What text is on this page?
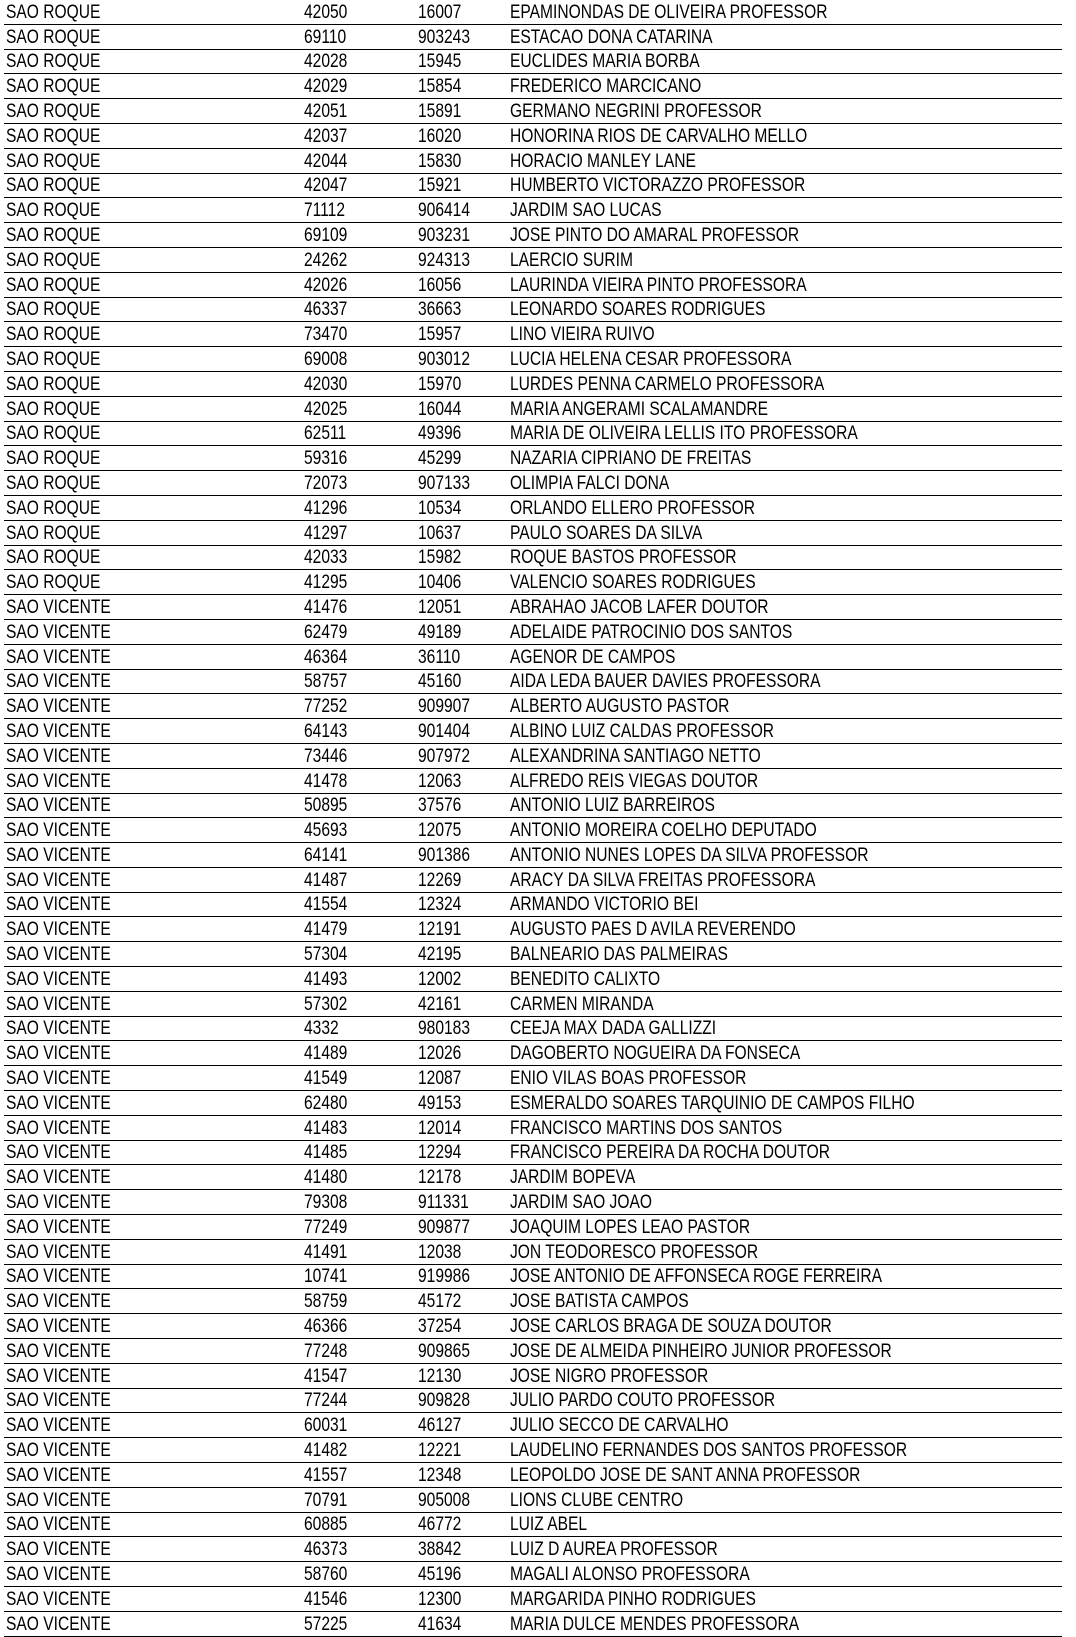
SAO ROQUE	42050	16007	EPAMINONDAS DE OLIVEIRA PROFESSOR
SAO ROQUE	69110	903243	ESTACAO DONA CATARINA
SAO ROQUE	42028	15945	EUCLIDES MARIA BORBA
SAO ROQUE	42029	15854	FREDERICO MARCICANO
SAO ROQUE	42051	15891	GERMANO NEGRINI PROFESSOR
SAO ROQUE	42037	16020	HONORINA RIOS DE CARVALHO MELLO
SAO ROQUE	42044	15830	HORACIO MANLEY LANE
SAO ROQUE	42047	15921	HUMBERTO VICTORAZZO PROFESSOR
SAO ROQUE	71112	906414	JARDIM SAO LUCAS
SAO ROQUE	69109	903231	JOSE PINTO DO AMARAL PROFESSOR
SAO ROQUE	24262	924313	LAERCIO SURIM
SAO ROQUE	42026	16056	LAURINDA VIEIRA PINTO PROFESSORA
SAO ROQUE	46337	36663	LEONARDO SOARES RODRIGUES
SAO ROQUE	73470	15957	LINO VIEIRA RUIVO
SAO ROQUE	69008	903012	LUCIA HELENA CESAR PROFESSORA
SAO ROQUE	42030	15970	LURDES PENNA CARMELO PROFESSORA
SAO ROQUE	42025	16044	MARIA ANGERAMI SCALAMANDRE
SAO ROQUE	62511	49396	MARIA DE OLIVEIRA LELLIS ITO PROFESSORA
SAO ROQUE	59316	45299	NAZARIA CIPRIANO DE FREITAS
SAO ROQUE	72073	907133	OLIMPIA FALCI DONA
SAO ROQUE	41296	10534	ORLANDO ELLERO PROFESSOR
SAO ROQUE	41297	10637	PAULO SOARES DA SILVA
SAO ROQUE	42033	15982	ROQUE BASTOS PROFESSOR
SAO ROQUE	41295	10406	VALENCIO SOARES RODRIGUES
SAO VICENTE	41476	12051	ABRAHAO JACOB LAFER DOUTOR
SAO VICENTE	62479	49189	ADELAIDE PATROCINIO DOS SANTOS
SAO VICENTE	46364	36110	AGENOR DE CAMPOS
SAO VICENTE	58757	45160	AIDA LEDA BAUER DAVIES PROFESSORA
SAO VICENTE	77252	909907	ALBERTO AUGUSTO PASTOR
SAO VICENTE	64143	901404	ALBINO LUIZ CALDAS PROFESSOR
SAO VICENTE	73446	907972	ALEXANDRINA SANTIAGO NETTO
SAO VICENTE	41478	12063	ALFREDO REIS VIEGAS DOUTOR
SAO VICENTE	50895	37576	ANTONIO LUIZ BARREIROS
SAO VICENTE	45693	12075	ANTONIO MOREIRA COELHO DEPUTADO
SAO VICENTE	64141	901386	ANTONIO NUNES LOPES DA SILVA PROFESSOR
SAO VICENTE	41487	12269	ARACY DA SILVA FREITAS PROFESSORA
SAO VICENTE	41554	12324	ARMANDO VICTORIO BEI
SAO VICENTE	41479	12191	AUGUSTO PAES D AVILA REVERENDO
SAO VICENTE	57304	42195	BALNEARIO DAS PALMEIRAS
SAO VICENTE	41493	12002	BENEDITO CALIXTO
SAO VICENTE	57302	42161	CARMEN MIRANDA
SAO VICENTE	4332	980183	CEEJA MAX DADA GALLIZZI
SAO VICENTE	41489	12026	DAGOBERTO NOGUEIRA DA FONSECA
SAO VICENTE	41549	12087	ENIO VILAS BOAS PROFESSOR
SAO VICENTE	62480	49153	ESMERALDO SOARES TARQUINIO DE CAMPOS FILHO
SAO VICENTE	41483	12014	FRANCISCO MARTINS DOS SANTOS
SAO VICENTE	41485	12294	FRANCISCO PEREIRA DA ROCHA DOUTOR
SAO VICENTE	41480	12178	JARDIM BOPEVA
SAO VICENTE	79308	911331	JARDIM SAO JOAO
SAO VICENTE	77249	909877	JOAQUIM LOPES LEAO PASTOR
SAO VICENTE	41491	12038	JON TEODORESCO PROFESSOR
SAO VICENTE	10741	919986	JOSE ANTONIO DE AFFONSECA ROGE FERREIRA
SAO VICENTE	58759	45172	JOSE BATISTA CAMPOS
SAO VICENTE	46366	37254	JOSE CARLOS BRAGA DE SOUZA DOUTOR
SAO VICENTE	77248	909865	JOSE DE ALMEIDA PINHEIRO JUNIOR PROFESSOR
SAO VICENTE	41547	12130	JOSE NIGRO PROFESSOR
SAO VICENTE	77244	909828	JULIO PARDO COUTO PROFESSOR
SAO VICENTE	60031	46127	JULIO SECCO DE CARVALHO
SAO VICENTE	41482	12221	LAUDELINO FERNANDES DOS SANTOS PROFESSOR
SAO VICENTE	41557	12348	LEOPOLDO JOSE DE SANT ANNA PROFESSOR
SAO VICENTE	70791	905008	LIONS CLUBE CENTRO
SAO VICENTE	60885	46772	LUIZ ABEL
SAO VICENTE	46373	38842	LUIZ D AUREA PROFESSOR
SAO VICENTE	58760	45196	MAGALI ALONSO PROFESSORA
SAO VICENTE	41546	12300	MARGARIDA PINHO RODRIGUES
SAO VICENTE	57225	41634	MARIA DULCE MENDES PROFESSORA
